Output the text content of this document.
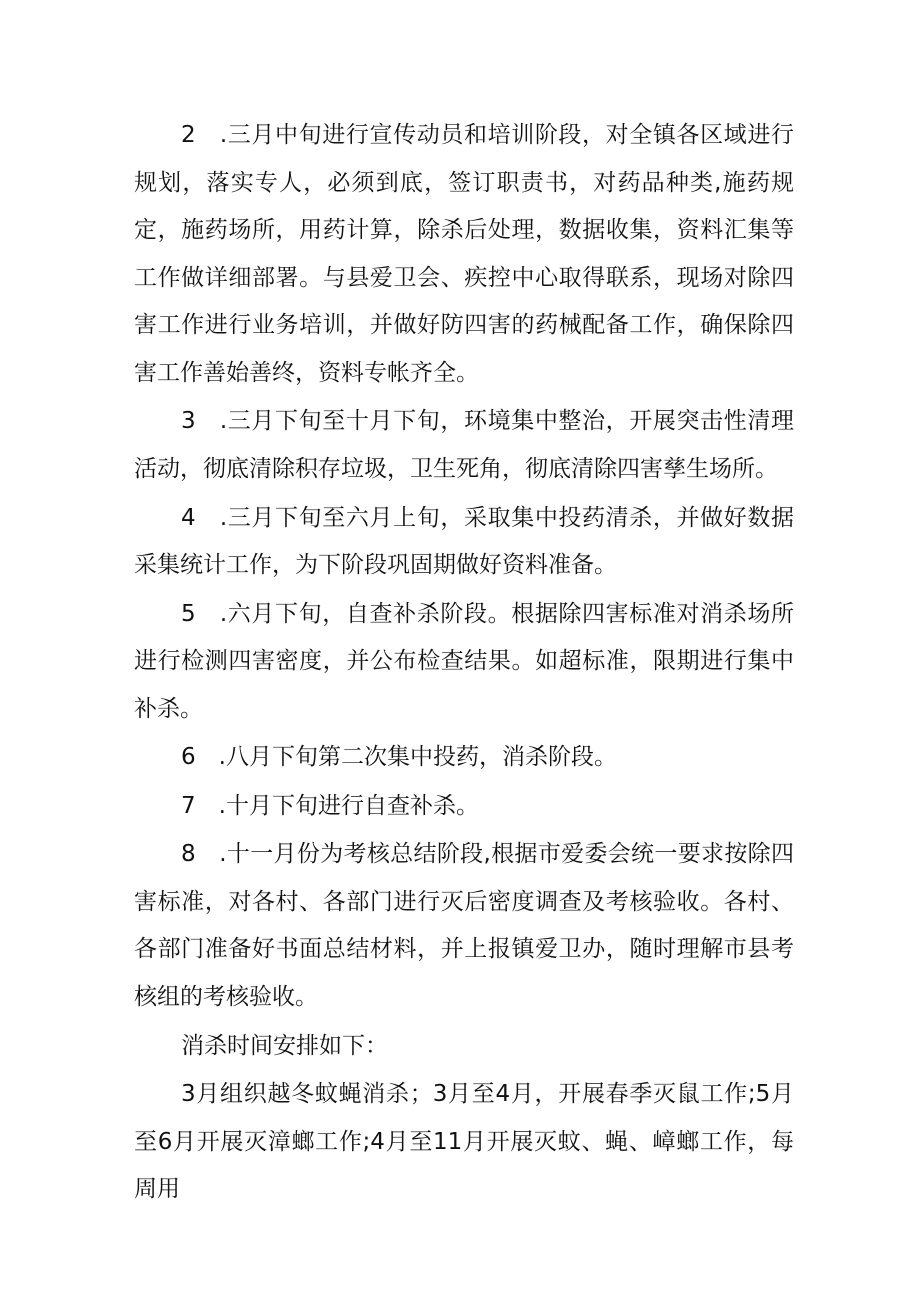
2　.三月中旬进行宣传动员和培训阶段，对全镇各区域进行规划，落实专人，必须到底，签订职责书，对药品种类,施药规定，施药场所，用药计算，除杀后处理，数据收集，资料汇集等工作做详细部署。与县爱卫会、疾控中心取得联系，现场对除四害工作进行业务培训，并做好防四害的药械配备工作，确保除四害工作善始善终，资料专帐齐全。

3　.三月下旬至十月下旬，环境集中整治，开展突击性清理活动，彻底清除积存垃圾，卫生死角，彻底清除四害孳生场所。

4　.三月下旬至六月上旬，采取集中投药清杀，并做好数据采集统计工作，为下阶段巩固期做好资料准备。

5　.六月下旬，自查补杀阶段。根据除四害标准对消杀场所进行检测四害密度，并公布检查结果。如超标准，限期进行集中补杀。

6　.八月下旬第二次集中投药，消杀阶段。

7　.十月下旬进行自查补杀。

8　.十一月份为考核总结阶段,根据市爱委会统一要求按除四害标准，对各村、各部门进行灭后密度调查及考核验收。各村、各部门准备好书面总结材料，并上报镇爱卫办，随时理解市县考核组的考核验收。

消杀时间安排如下：

3月组织越冬蚊蝇消杀；3月至4月，开展春季灭鼠工作;5月至6月开展灭漳螂工作;4月至11月开展灭蚊、蝇、嶂螂工作，每周用
